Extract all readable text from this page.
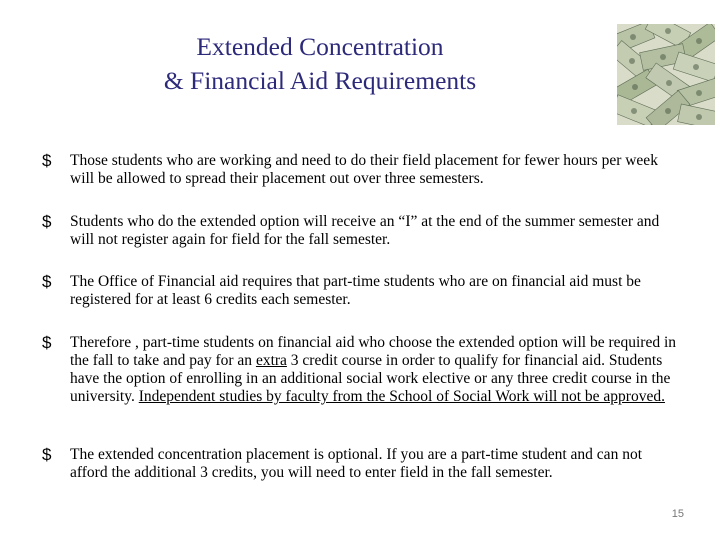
Extended Concentration
& Financial Aid Requirements
$ Those students who are working and need to do their field placement for fewer hours per week will be allowed to spread their placement out over three semesters.
$ Students who do the extended option will receive an “I” at the end of the summer semester and will not register again for field for the fall semester.
$ The Office of Financial aid requires that part-time students who are on financial aid must be registered for at least 6 credits each semester.
$ Therefore , part-time students on financial aid who choose the extended option will be required in the fall to take and pay for an extra 3 credit course in order to qualify for financial aid. Students have the option of enrolling in an additional social work elective or any three credit course in the university. Independent studies by faculty from the School of Social Work will not be approved.
$ The extended concentration placement is optional. If you are a part-time student and can not afford the additional 3 credits, you will need to enter field in the fall semester.
15
